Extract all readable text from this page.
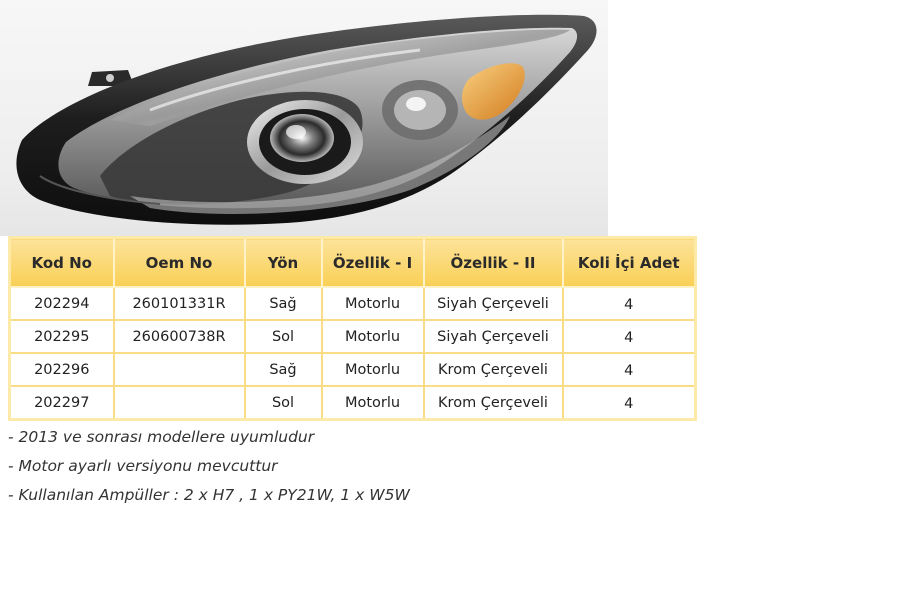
Kod No	Oem No	Yön	Özellik - I	Özellik - II	Koli İçi Adet
202294	260101331R	Sağ	Motorlu	Siyah Çerçeveli	4
202295	260600738R	Sol	Motorlu	Siyah Çerçeveli	4
202296		Sağ	Motorlu	Krom Çerçeveli	4
202297		Sol	Motorlu	Krom Çerçeveli	4
- 2013 ve sonrası modellere uyumludur
- Motor ayarlı versiyonu mevcuttur
- Kullanılan Ampüller : 2 x H7 , 1 x PY21W, 1 x W5W
